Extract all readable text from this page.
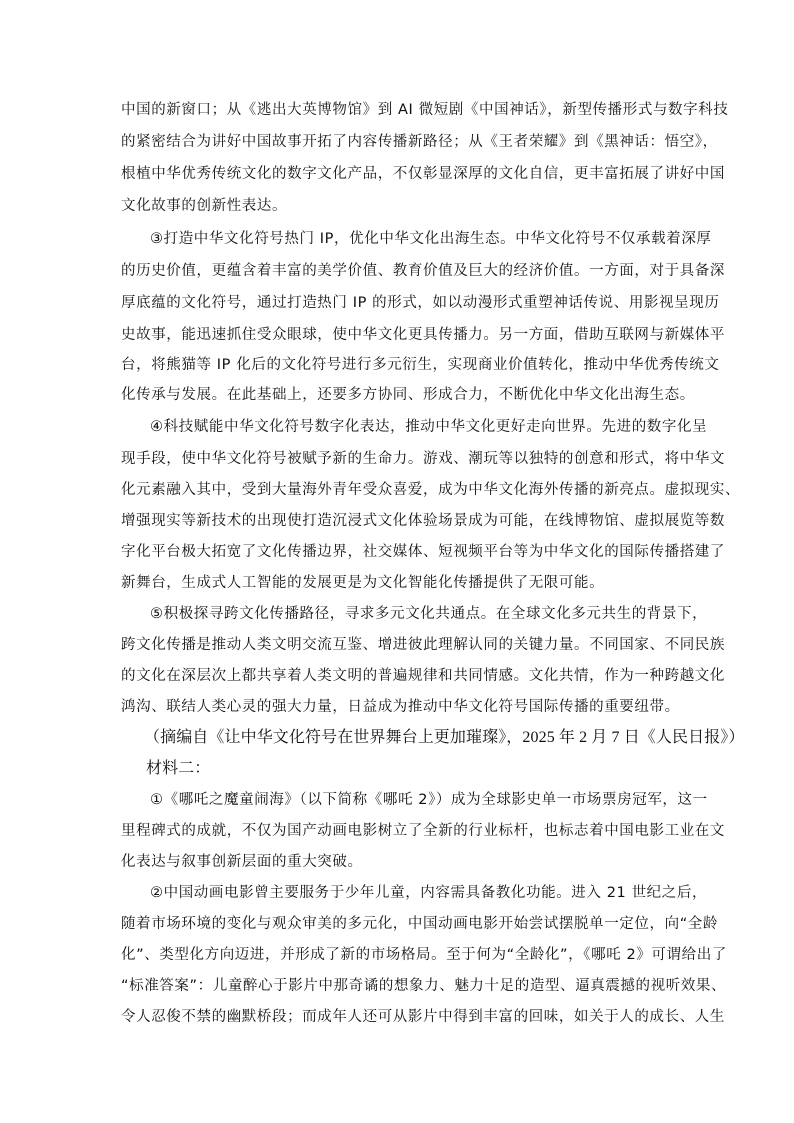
中国的新窗口；从《逃出大英博物馆》到 AI 微短剧《中国神话》，新型传播形式与数字科技
的紧密结合为讲好中国故事开拓了内容传播新路径；从《王者荣耀》到《黑神话：悟空》，
根植中华优秀传统文化的数字文化产品，不仅彰显深厚的文化自信，更丰富拓展了讲好中国
文化故事的创新性表达。
③打造中华文化符号热门 IP，优化中华文化出海生态。中华文化符号不仅承载着深厚
的历史价值，更蕴含着丰富的美学价值、教育价值及巨大的经济价值。一方面，对于具备深
厚底蕴的文化符号，通过打造热门 IP 的形式，如以动漫形式重塑神话传说、用影视呈现历
史故事，能迅速抓住受众眼球，使中华文化更具传播力。另一方面，借助互联网与新媒体平
台，将熊猫等 IP 化后的文化符号进行多元衍生，实现商业价值转化，推动中华优秀传统文
化传承与发展。在此基础上，还要多方协同、形成合力，不断优化中华文化出海生态。
④科技赋能中华文化符号数字化表达，推动中华文化更好走向世界。先进的数字化呈
现手段，使中华文化符号被赋予新的生命力。游戏、潮玩等以独特的创意和形式，将中华文
化元素融入其中，受到大量海外青年受众喜爱，成为中华文化海外传播的新亮点。虚拟现实、
增强现实等新技术的出现使打造沉浸式文化体验场景成为可能，在线博物馆、虚拟展览等数
字化平台极大拓宽了文化传播边界，社交媒体、短视频平台等为中华文化的国际传播搭建了
新舞台，生成式人工智能的发展更是为文化智能化传播提供了无限可能。
⑤积极探寻跨文化传播路径，寻求多元文化共通点。在全球文化多元共生的背景下，
跨文化传播是推动人类文明交流互鉴、增进彼此理解认同的关键力量。不同国家、不同民族
的文化在深层次上都共享着人类文明的普遍规律和共同情感。文化共情，作为一种跨越文化
鸿沟、联结人类心灵的强大力量，日益成为推动中华文化符号国际传播的重要纽带。
（摘编自《让中华文化符号在世界舞台上更加璀璨》，2025 年 2 月 7 日《人民日报》）
材料二：
①《哪吒之魔童闹海》（以下简称《哪吒 2》）成为全球影史单一市场票房冠军，这一
里程碑式的成就，不仅为国产动画电影树立了全新的行业标杆，也标志着中国电影工业在文
化表达与叙事创新层面的重大突破。
②中国动画电影曾主要服务于少年儿童，内容需具备教化功能。进入 21 世纪之后，
随着市场环境的变化与观众审美的多元化，中国动画电影开始尝试摆脱单一定位，向“全龄
化”、类型化方向迈进，并形成了新的市场格局。至于何为“全龄化”，《哪吒 2》可谓给出了
“标准答案”：儿童醉心于影片中那奇谲的想象力、魅力十足的造型、逼真震撼的视听效果、
令人忍俊不禁的幽默桥段；而成年人还可从影片中得到丰富的回味，如关于人的成长、人生
